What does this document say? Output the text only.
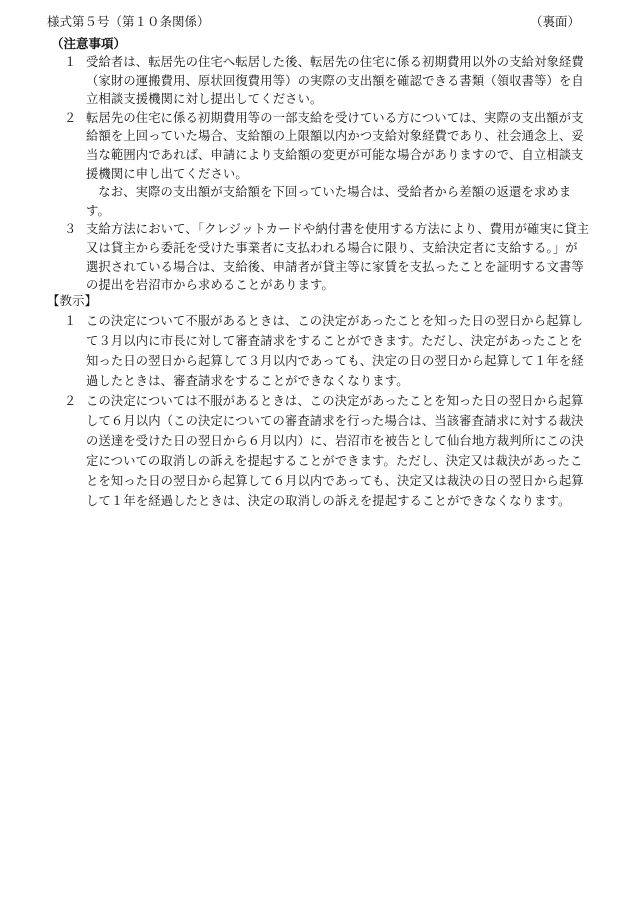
様式第５号（第１０条関係）	（裏面）
（注意事項）
１ 受給者は、転居先の住宅へ転居した後、転居先の住宅に係る初期費用以外の支給対象経費（家財の運搬費用、原状回復費用等）の実際の支出額を確認できる書類（領収書等）を自立相談支援機関に対し提出してください。
２ 転居先の住宅に係る初期費用等の一部支給を受けている方については、実際の支出額が支給額を上回っていた場合、支給額の上限額以内かつ支給対象経費であり、社会通念上、妥当な範囲内であれば、申請により支給額の変更が可能な場合がありますので、自立相談支援機関に申し出てください。
なお、実際の支出額が支給額を下回っていた場合は、受給者から差額の返還を求めます。
３ 支給方法において、「クレジットカードや納付書を使用する方法により、費用が確実に貸主又は貸主から委託を受けた事業者に支払われる場合に限り、支給決定者に支給する。」が選択されている場合は、支給後、申請者が貸主等に家賃を支払ったことを証明する文書等の提出を岩沼市から求めることがあります。
【教示】
１ この決定について不服があるときは、この決定があったことを知った日の翌日から起算して３月以内に市長に対して審査請求をすることができます。ただし、決定があったことを知った日の翌日から起算して３月以内であっても、決定の日の翌日から起算して１年を経過したときは、審査請求をすることができなくなります。
２ この決定については不服があるときは、この決定があったことを知った日の翌日から起算して６月以内（この決定についての審査請求を行った場合は、当該審査請求に対する裁決の送達を受けた日の翌日から６月以内）に、岩沼市を被告として仙台地方裁判所にこの決定についての取消しの訴えを提起することができます。ただし、決定又は裁決があったことを知った日の翌日から起算して６月以内であっても、決定又は裁決の日の翌日から起算して１年を経過したときは、決定の取消しの訴えを提起することができなくなります。
